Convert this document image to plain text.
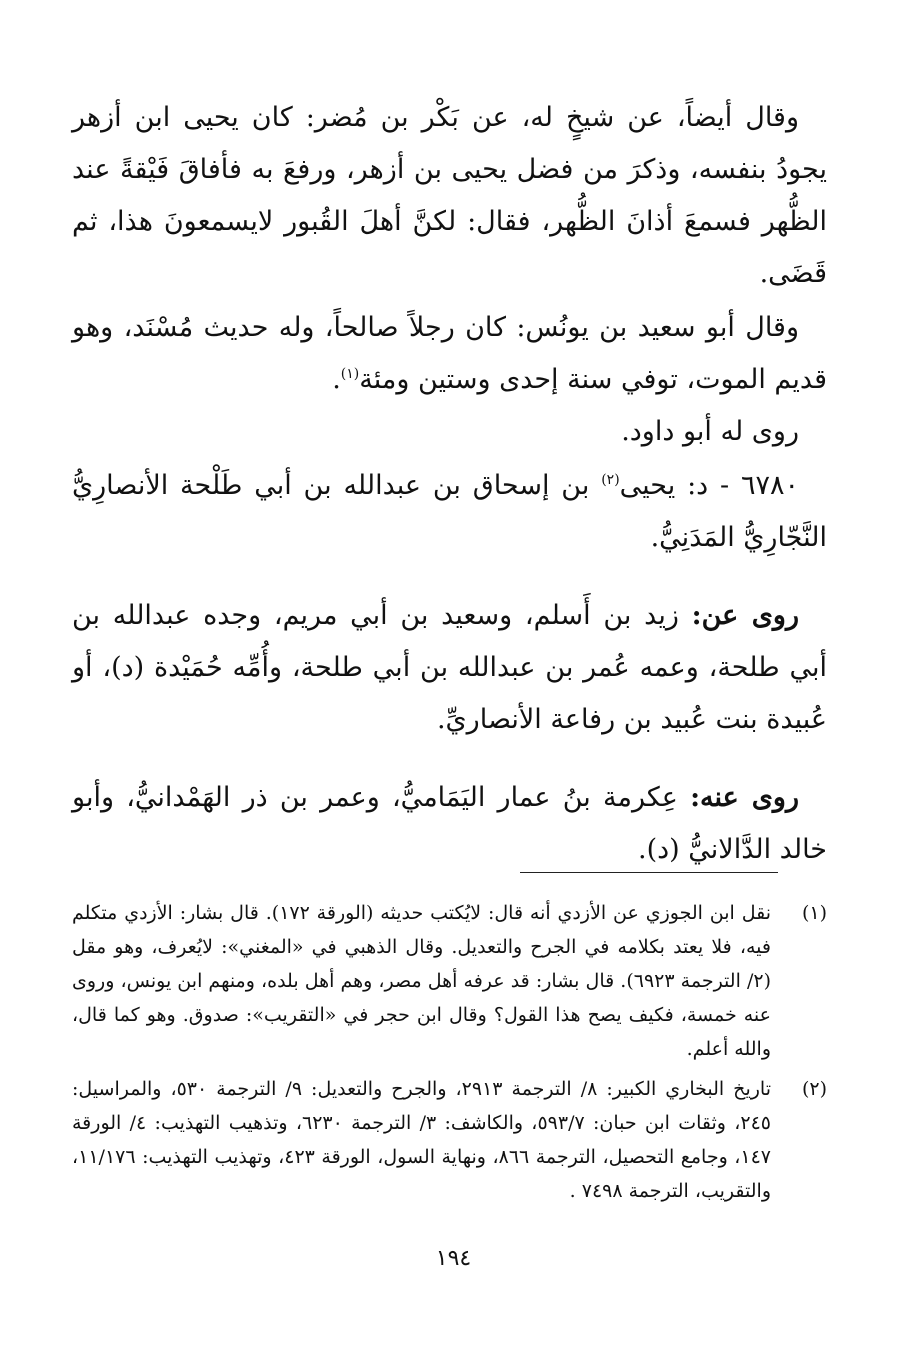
وقال أيضاً، عن شيخٍ له، عن بَكْر بن مُضر: كان يحيى ابن أزهر يجودُ بنفسه، وذكرَ من فضل يحيى بن أزهر، ورفعَ به فأفاقَ فَيْقةً عند الظُّهر فسمعَ أذانَ الظُّهر، فقال: لكنَّ أهلَ القُبور لايسمعونَ هذا، ثم قَضَى.

وقال أبو سعيد بن يونُس: كان رجلاً صالحاً، وله حديث مُسْنَد، وهو قديم الموت، توفي سنة إحدى وستين ومئة$^{(١)}$.

روى له أبو داود.

٦٧٨٠ - د: يحيى$^{(٢)}$ بن إسحاق بن عبدالله بن أبي طَلْحة الأنصارِيُّ النَّجّارِيُّ المَدَنِيُّ.

روى عن: زيد بن أَسلم، وسعيد بن أبي مريم، وجده عبدالله بن أبي طلحة، وعمه عُمر بن عبدالله بن أبي طلحة، وأُمِّه حُمَيْدة (د)، أو عُبيدة بنت عُبيد بن رفاعة الأنصاريِّ.

روى عنه: عِكرمة بنُ عمار اليَمَاميُّ، وعمر بن ذر الهَمْدانيُّ، وأبو خالد الدَّالانيُّ (د).

(١)
نقل ابن الجوزي عن الأزدي أنه قال: لايُكتب حديثه (الورقة ١٧٢). قال بشار: الأزدي متكلم فيه، فلا يعتد بكلامه في الجرح والتعديل. وقال الذهبي في «المغني»: لايُعرف، وهو مقل (٢/ الترجمة ٦٩٢٣). قال بشار: قد عرفه أهل مصر، وهم أهل بلده، ومنهم ابن يونس، وروى عنه خمسة، فكيف يصح هذا القول؟ وقال ابن حجر في «التقريب»: صدوق. وهو كما قال، والله أعلم.
(٢)
تاريخ البخاري الكبير: ٨/ الترجمة ٢٩١٣، والجرح والتعديل: ٩/ الترجمة ٥٣٠، والمراسيل: ٢٤٥، وثقات ابن حبان: ٥٩٣/٧، والكاشف: ٣/ الترجمة ٦٢٣٠، وتذهيب التهذيب: ٤/ الورقة ١٤٧، وجامع التحصيل، الترجمة ٨٦٦، ونهاية السول، الورقة ٤٢٣، وتهذيب التهذيب: ١١/١٧٦، والتقريب، الترجمة ٧٤٩٨ .
١٩٤
